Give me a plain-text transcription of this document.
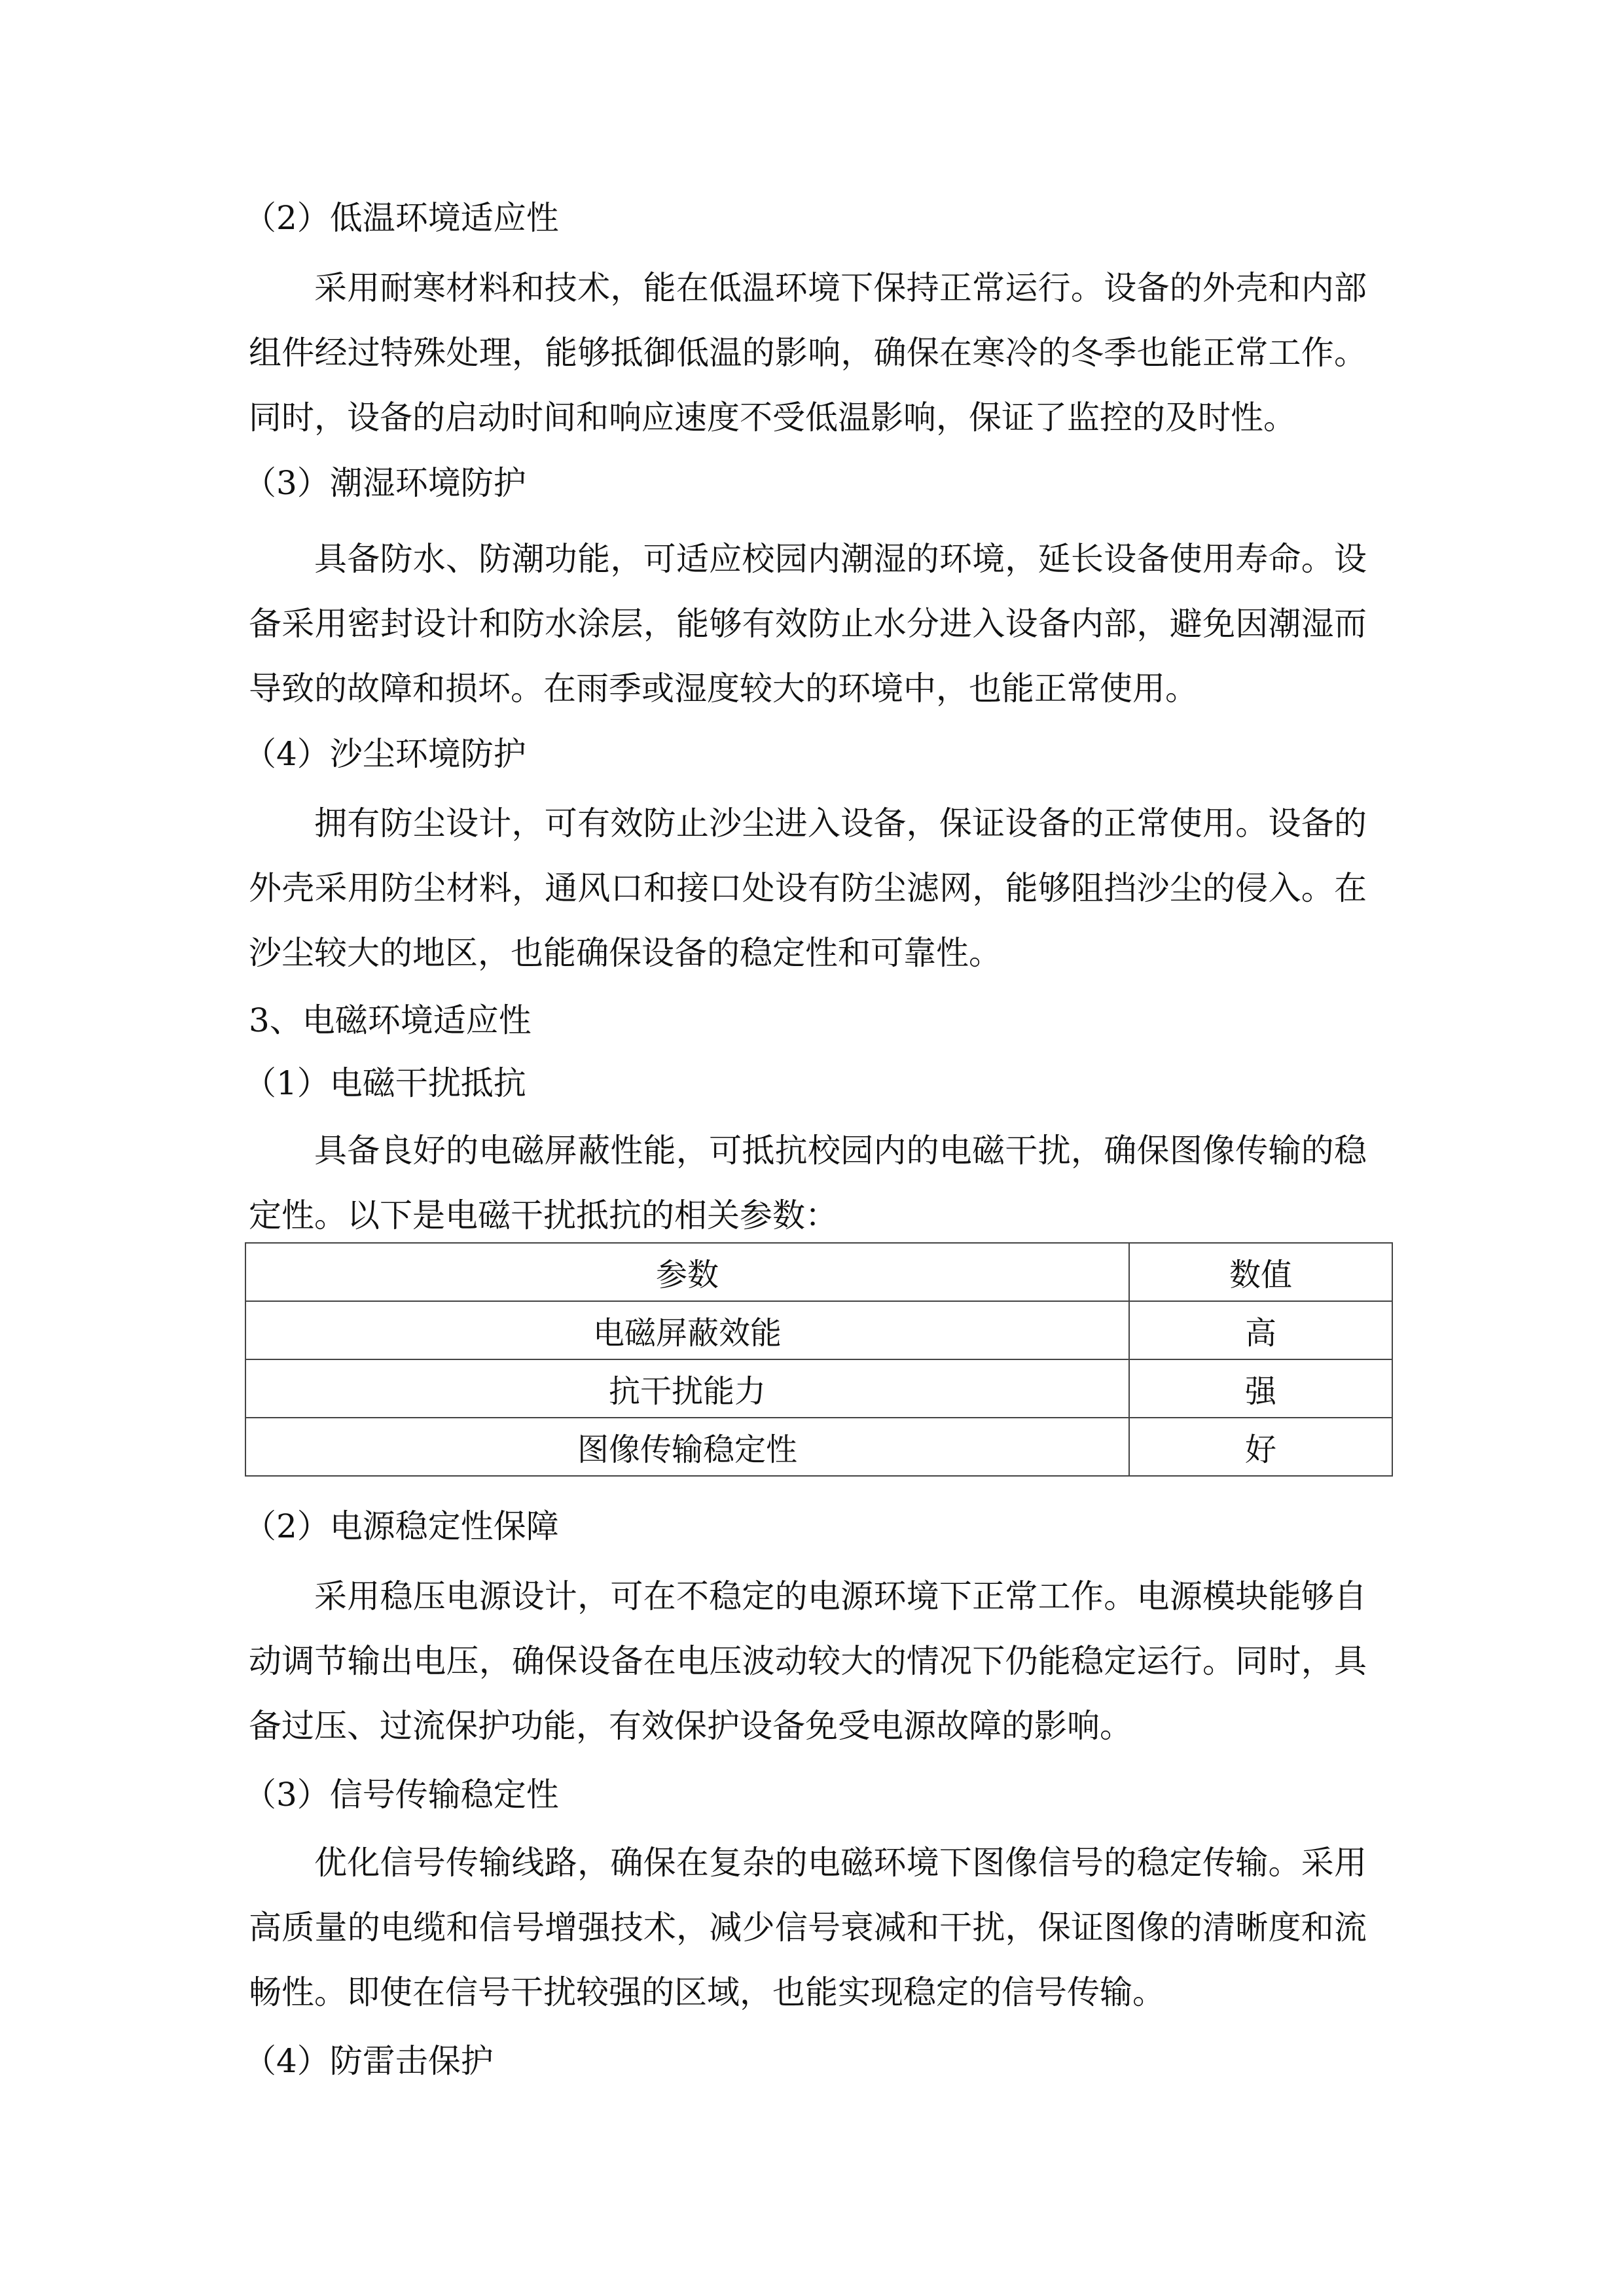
（2）低温环境适应性

采用耐寒材料和技术，能在低温环境下保持正常运行。设备的外壳和内部组件经过特殊处理，能够抵御低温的影响，确保在寒冷的冬季也能正常工作。同时，设备的启动时间和响应速度不受低温影响，保证了监控的及时性。

（3）潮湿环境防护

具备防水、防潮功能，可适应校园内潮湿的环境，延长设备使用寿命。设备采用密封设计和防水涂层，能够有效防止水分进入设备内部，避免因潮湿而导致的故障和损坏。在雨季或湿度较大的环境中，也能正常使用。

（4）沙尘环境防护

拥有防尘设计，可有效防止沙尘进入设备，保证设备的正常使用。设备的外壳采用防尘材料，通风口和接口处设有防尘滤网，能够阻挡沙尘的侵入。在沙尘较大的地区，也能确保设备的稳定性和可靠性。

3、电磁环境适应性
（1）电磁干扰抵抗

具备良好的电磁屏蔽性能，可抵抗校园内的电磁干扰，确保图像传输的稳定性。以下是电磁干扰抵抗的相关参数：

参数	数值
电磁屏蔽效能	高
抗干扰能力	强
图像传输稳定性	好
（2）电源稳定性保障

采用稳压电源设计，可在不稳定的电源环境下正常工作。电源模块能够自动调节输出电压，确保设备在电压波动较大的情况下仍能稳定运行。同时，具备过压、过流保护功能，有效保护设备免受电源故障的影响。

（3）信号传输稳定性

优化信号传输线路，确保在复杂的电磁环境下图像信号的稳定传输。采用高质量的电缆和信号增强技术，减少信号衰减和干扰，保证图像的清晰度和流畅性。即使在信号干扰较强的区域，也能实现稳定的信号传输。

（4）防雷击保护
